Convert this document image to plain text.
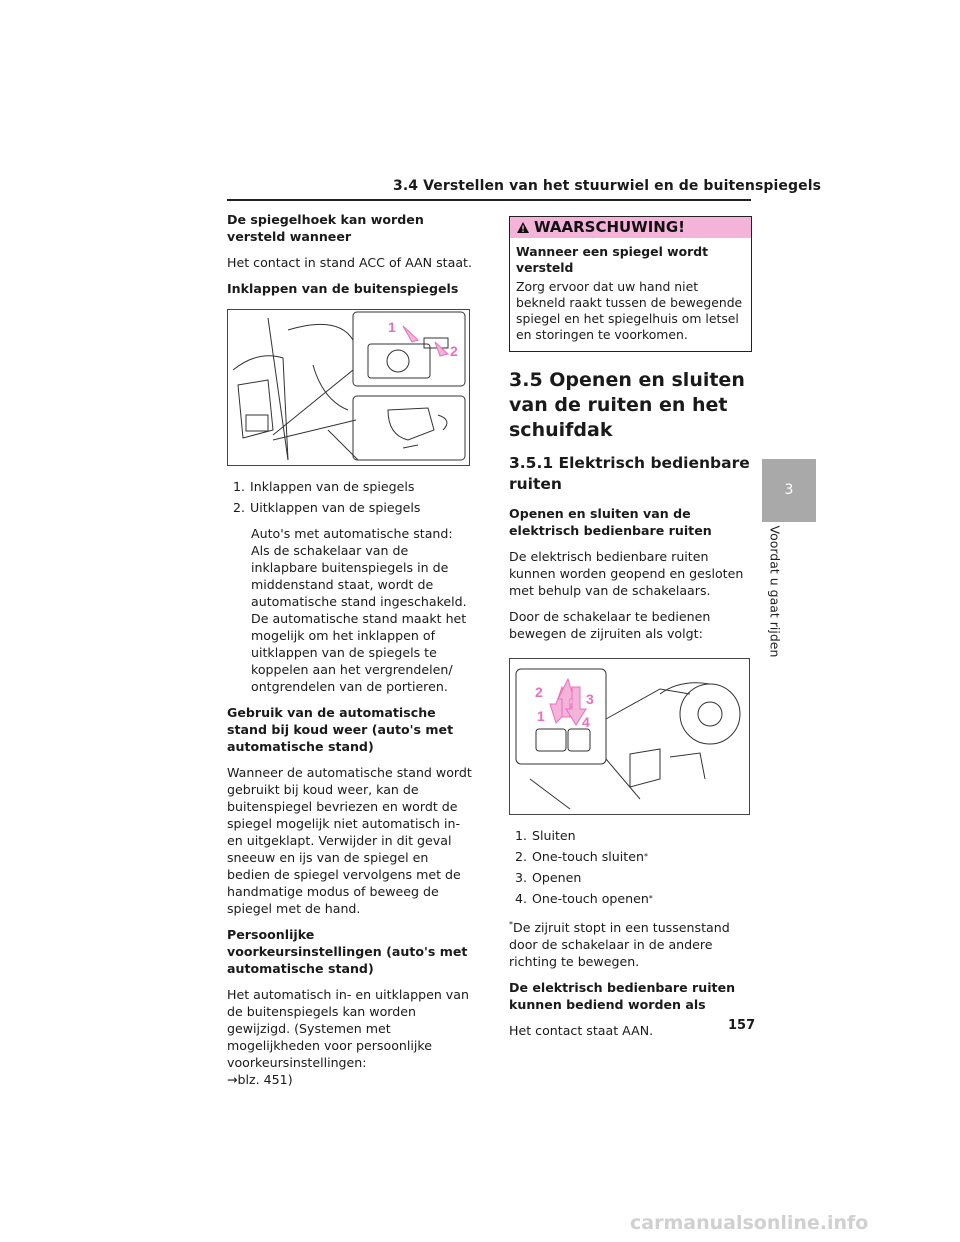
3.4 Verstellen van het stuurwiel en de buitenspiegels

De spiegelhoek kan worden versteld wanneer

Het contact in stand ACC of AAN staat.

Inklappen van de buitenspiegels

1
2
1. Inklappen van de spiegels
2. Uitklappen van de spiegels

Auto's met automatische stand: Als de schakelaar van de inklapbare buitenspiegels in de middenstand staat, wordt de automatische stand ingeschakeld. De automatische stand maakt het mogelijk om het inklappen of uitklappen van de spiegels te koppelen aan het vergrendelen/ ontgrendelen van de portieren.

Gebruik van de automatische stand bij koud weer (auto's met automatische stand)

Wanneer de automatische stand wordt gebruikt bij koud weer, kan de buitenspiegel bevriezen en wordt de spiegel mogelijk niet automatisch in- en uitgeklapt. Verwijder in dit geval sneeuw en ijs van de spiegel en bedien de spiegel vervolgens met de handmatige modus of beweeg de spiegel met de hand.

Persoonlijke voorkeursinstellingen (auto's met automatische stand)

Het automatisch in- en uitklappen van de buitenspiegels kan worden gewijzigd. (Systemen met mogelijkheden voor persoonlijke voorkeursinstellingen:
→blz. 451)

WAARSCHUWING!

Wanneer een spiegel wordt versteld

Zorg ervoor dat uw hand niet bekneld raakt tussen de bewegende spiegel en het spiegelhuis om letsel en storingen te voorkomen.

3.5 Openen en sluiten van de ruiten en het schuifdak
3.5.1 Elektrisch bedienbare ruiten

Openen en sluiten van de elektrisch bedienbare ruiten

De elektrisch bedienbare ruiten kunnen worden geopend en gesloten met behulp van de schakelaars.

Door de schakelaar te bedienen bewegen de zijruiten als volgt:

2	3
1	4
1. Sluiten
2. One-touch sluiten *
3. Openen
4. One-touch openen *

*De zijruit stopt in een tussenstand door de schakelaar in de andere richting te bewegen.

De elektrisch bedienbare ruiten kunnen bediend worden als

Het contact staat AAN.

3
Voordat u gaat rijden
157
carmanualsonline.info
